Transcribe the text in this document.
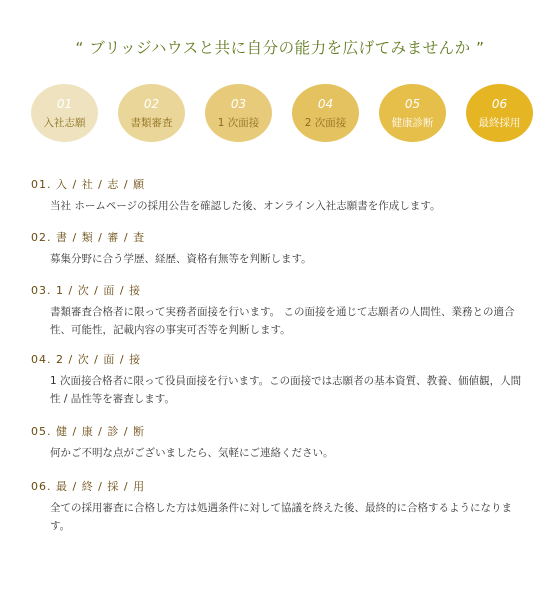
“ ブリッジハウスと共に自分の能力を広げてみませんか ”
01
入社志願
02
書類審査
03
1 次面接
04
2 次面接
05
健康診断
06
最終採用
01. 入 / 社 / 志 / 願
当社 ホームページの採用公告を確認した後、オンライン入社志願書を作成します。
02. 書 / 類 / 審 / 査
募集分野に合う学歴、経歴、資格有無等を判断します。
03. 1 / 次 / 面 / 接
書類審査合格者に限って実務者面接を行います。 この面接を通じて志願者の人間性、業務との適合性、可能性，記載内容の事実可否等を判断します。
04. 2 / 次 / 面 / 接
1 次面接合格者に限って役員面接を行います。この面接では志願者の基本資質、教養、価値観，人間性 / 品性等を審査します。
05. 健 / 康 / 診 / 断
何かご不明な点がございましたら、気軽にご連絡ください。
06. 最 / 終 / 採 / 用
全ての採用審査に合格した方は処遇条件に対して協議を終えた後、最終的に合格するようになります。
